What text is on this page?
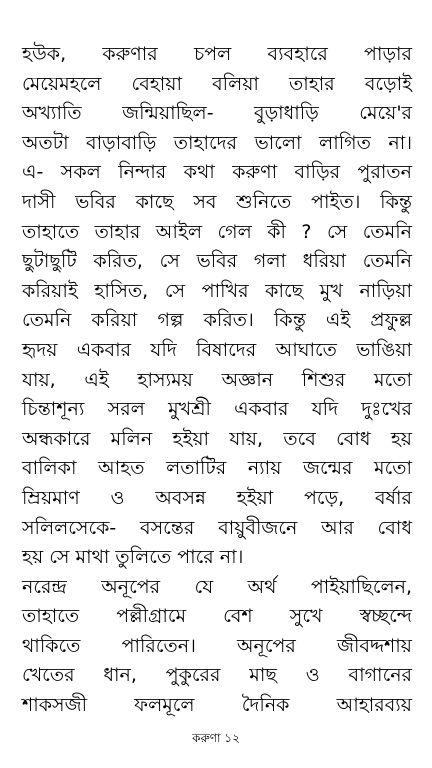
হউক, করুণার চপল ব্যবহারে পাড়ার
মেয়েমহলে বেহায়া বলিয়া তাহার বড়োই
অখ্যাতি জন্মিয়াছিল- বুড়াধাড়ি মেয়ে'র
অতটা বাড়াবাড়ি তাহাদের ভালো লাগিত না।
এ- সকল নিন্দার কথা করুণা বাড়ির পুরাতন
দাসী ভবির কাছে সব শুনিতে পাইত। কিন্তু
তাহাতে তাহার আইল গেল কী ? সে তেমনি
ছুটাছুটি করিত, সে ভবির গলা ধরিয়া তেমনি
করিয়াই হাসিত, সে পাখির কাছে মুখ নাড়িয়া
তেমনি করিয়া গল্প করিত। কিন্তু এই প্রফুল্ল
হৃদয় একবার যদি বিষাদের আঘাতে ভাঙিয়া
যায়, এই হাস্যময় অজ্ঞান শিশুর মতো
চিন্তাশূন্য সরল মুখশ্রী একবার যদি দুঃখের
অন্ধকারে মলিন হইয়া যায়, তবে বোধ হয়
বালিকা আহত লতাটির ন্যায় জন্মের মতো
ম্রিয়মাণ ও অবসন্ন হইয়া পড়ে, বর্ষার
সলিলসেকে- বসন্তের বায়ুবীজনে আর বোধ
হয় সে মাথা তুলিতে পারে না।
নরেন্দ্র অনূপের যে অর্থ পাইয়াছিলেন,
তাহাতে পল্লীগ্রামে বেশ সুখে স্বচ্ছন্দে
থাকিতে পারিতেন। অনূপের জীবদ্দশায়
খেতের ধান, পুকুরের মাছ ও বাগানের
শাকসজী ফলমূলে দৈনিক আহারব্যয়
করুণা ১২
